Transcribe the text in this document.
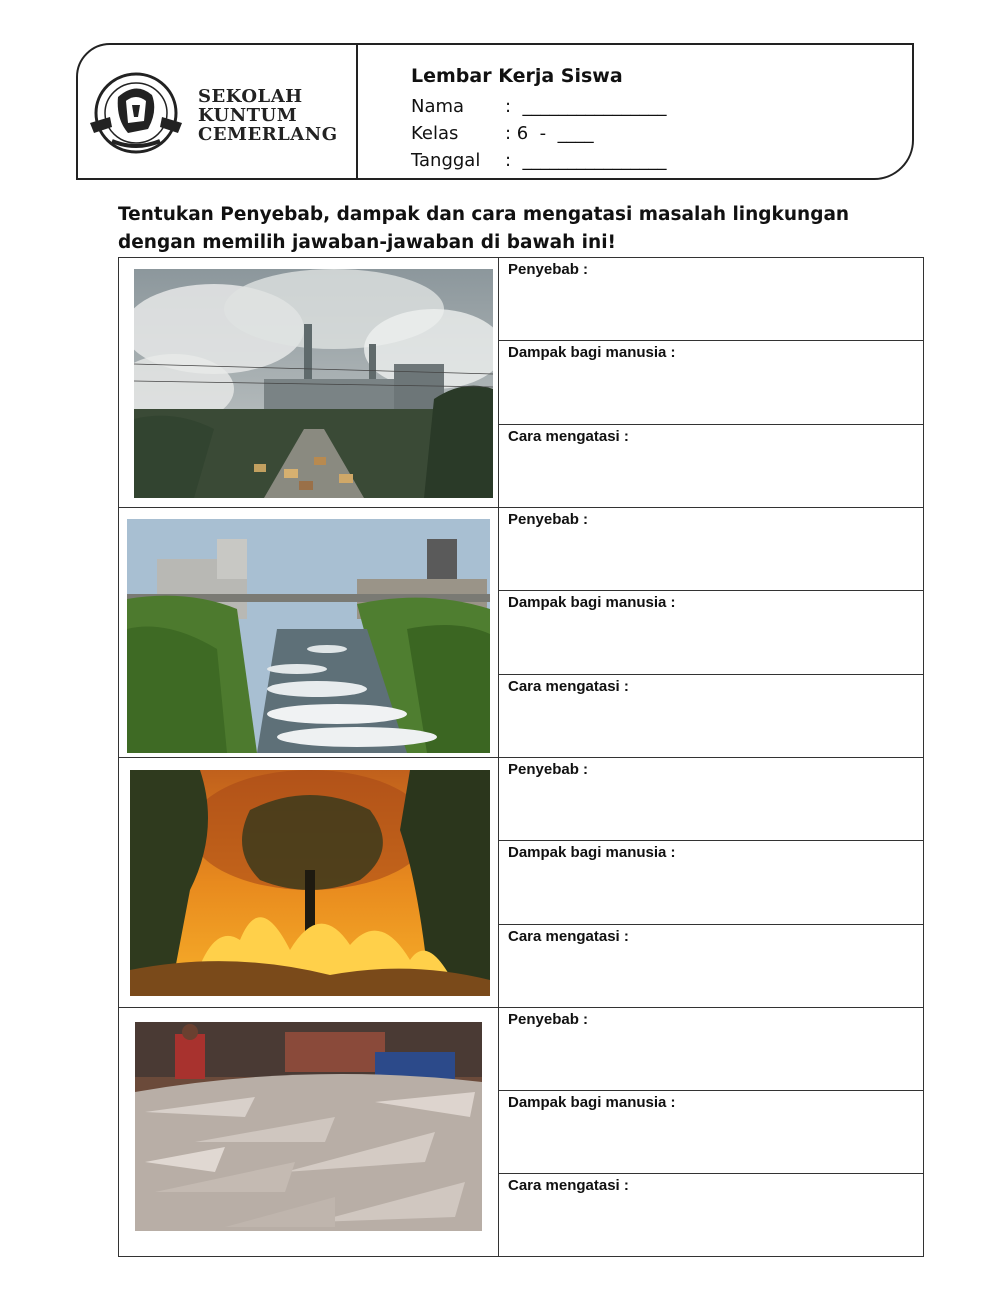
SEKOLAH
KUNTUM
CEMERLANG
Lembar Kerja Siswa
Nama	:  ________________
Kelas	: 6  -  ____
Tanggal	:  ________________
Tentukan Penyebab, dampak dan cara mengatasi masalah lingkungan dengan memilih jawaban-jawaban di bawah ini!
Penyebab :
Dampak bagi manusia :
Cara mengatasi :
Penyebab :
Dampak bagi manusia :
Cara mengatasi :
Penyebab :
Dampak bagi manusia :
Cara mengatasi :
Penyebab :
Dampak bagi manusia :
Cara mengatasi :
